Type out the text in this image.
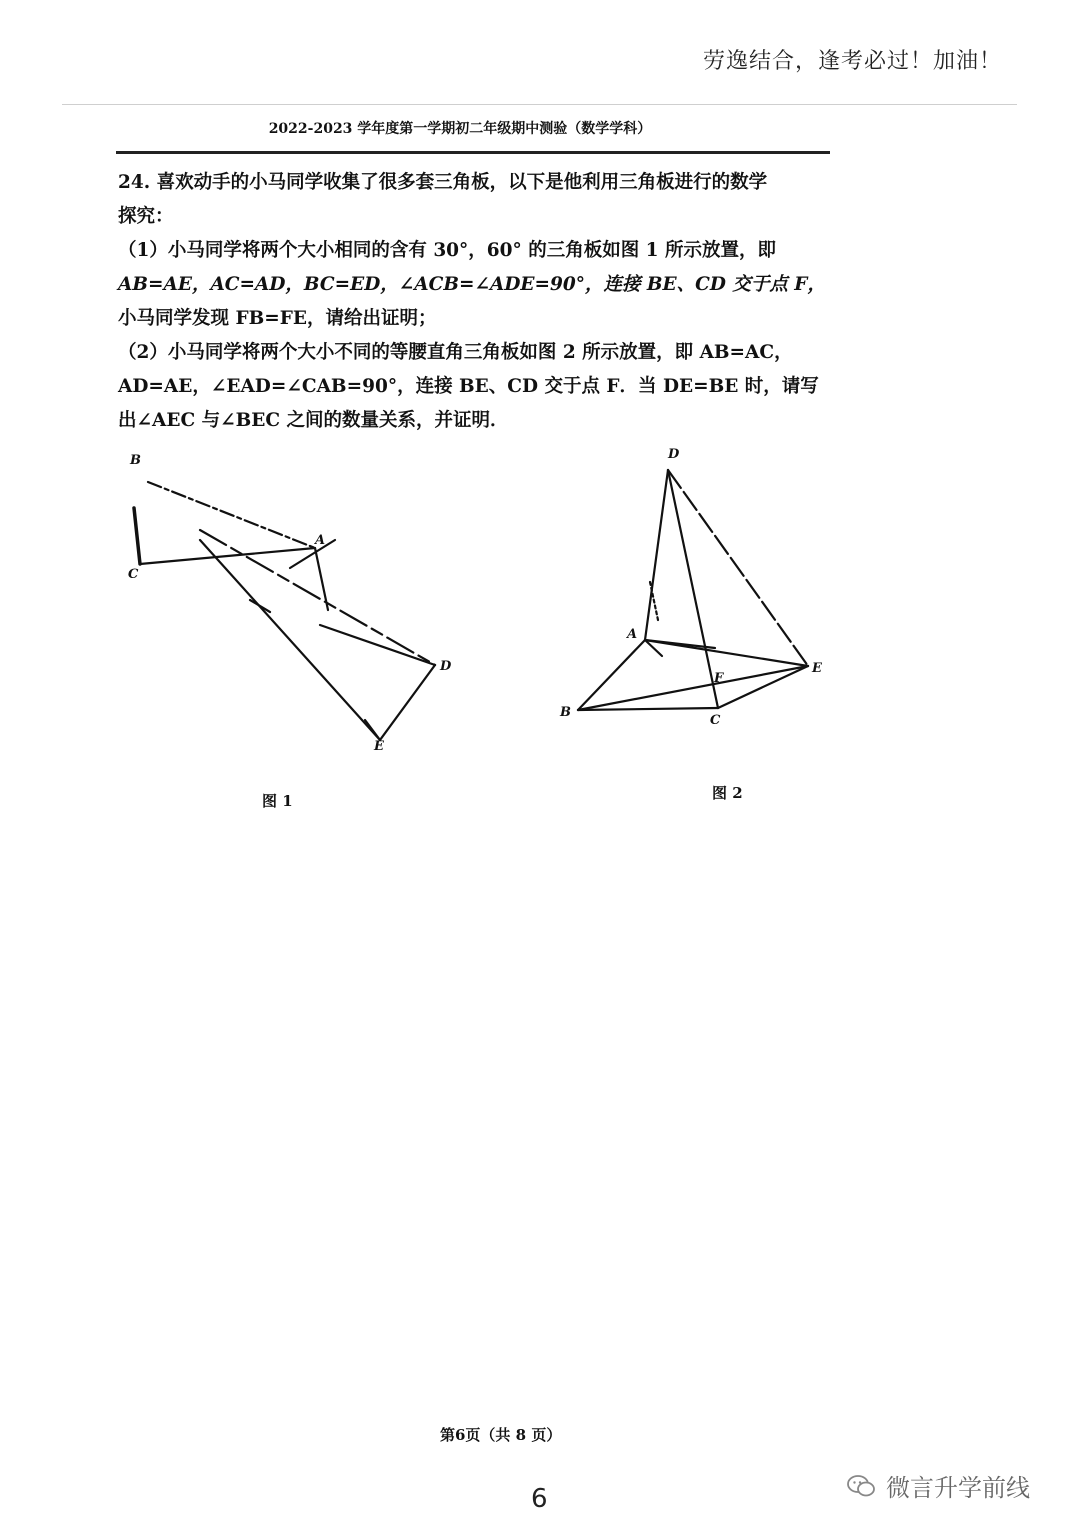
劳逸结合，逢考必过！加油！
2022-2023 学年度第一学期初二年级期中测验（数学学科）

24. 喜欢动手的小马同学收集了很多套三角板，以下是他利用三角板进行的数学

探究：

（1）小马同学将两个大小相同的含有 30°，60° 的三角板如图 1 所示放置，即

AB=AE，AC=AD，BC=ED，∠ACB=∠ADE=90°，连接 BE、CD 交于点 F，

小马同学发现 FB=FE，请给出证明；

（2）小马同学将两个大小不同的等腰直角三角板如图 2 所示放置，即 AB=AC，

AD=AE，∠EAD=∠CAB=90°，连接 BE、CD 交于点 F．当 DE=BE 时，请写

出∠AEC 与∠BEC 之间的数量关系，并证明．

B
C
A
D
E
图 1
D
A
B
C
E
F
图 2
第6页（共 8 页）
6	微言升学前线
